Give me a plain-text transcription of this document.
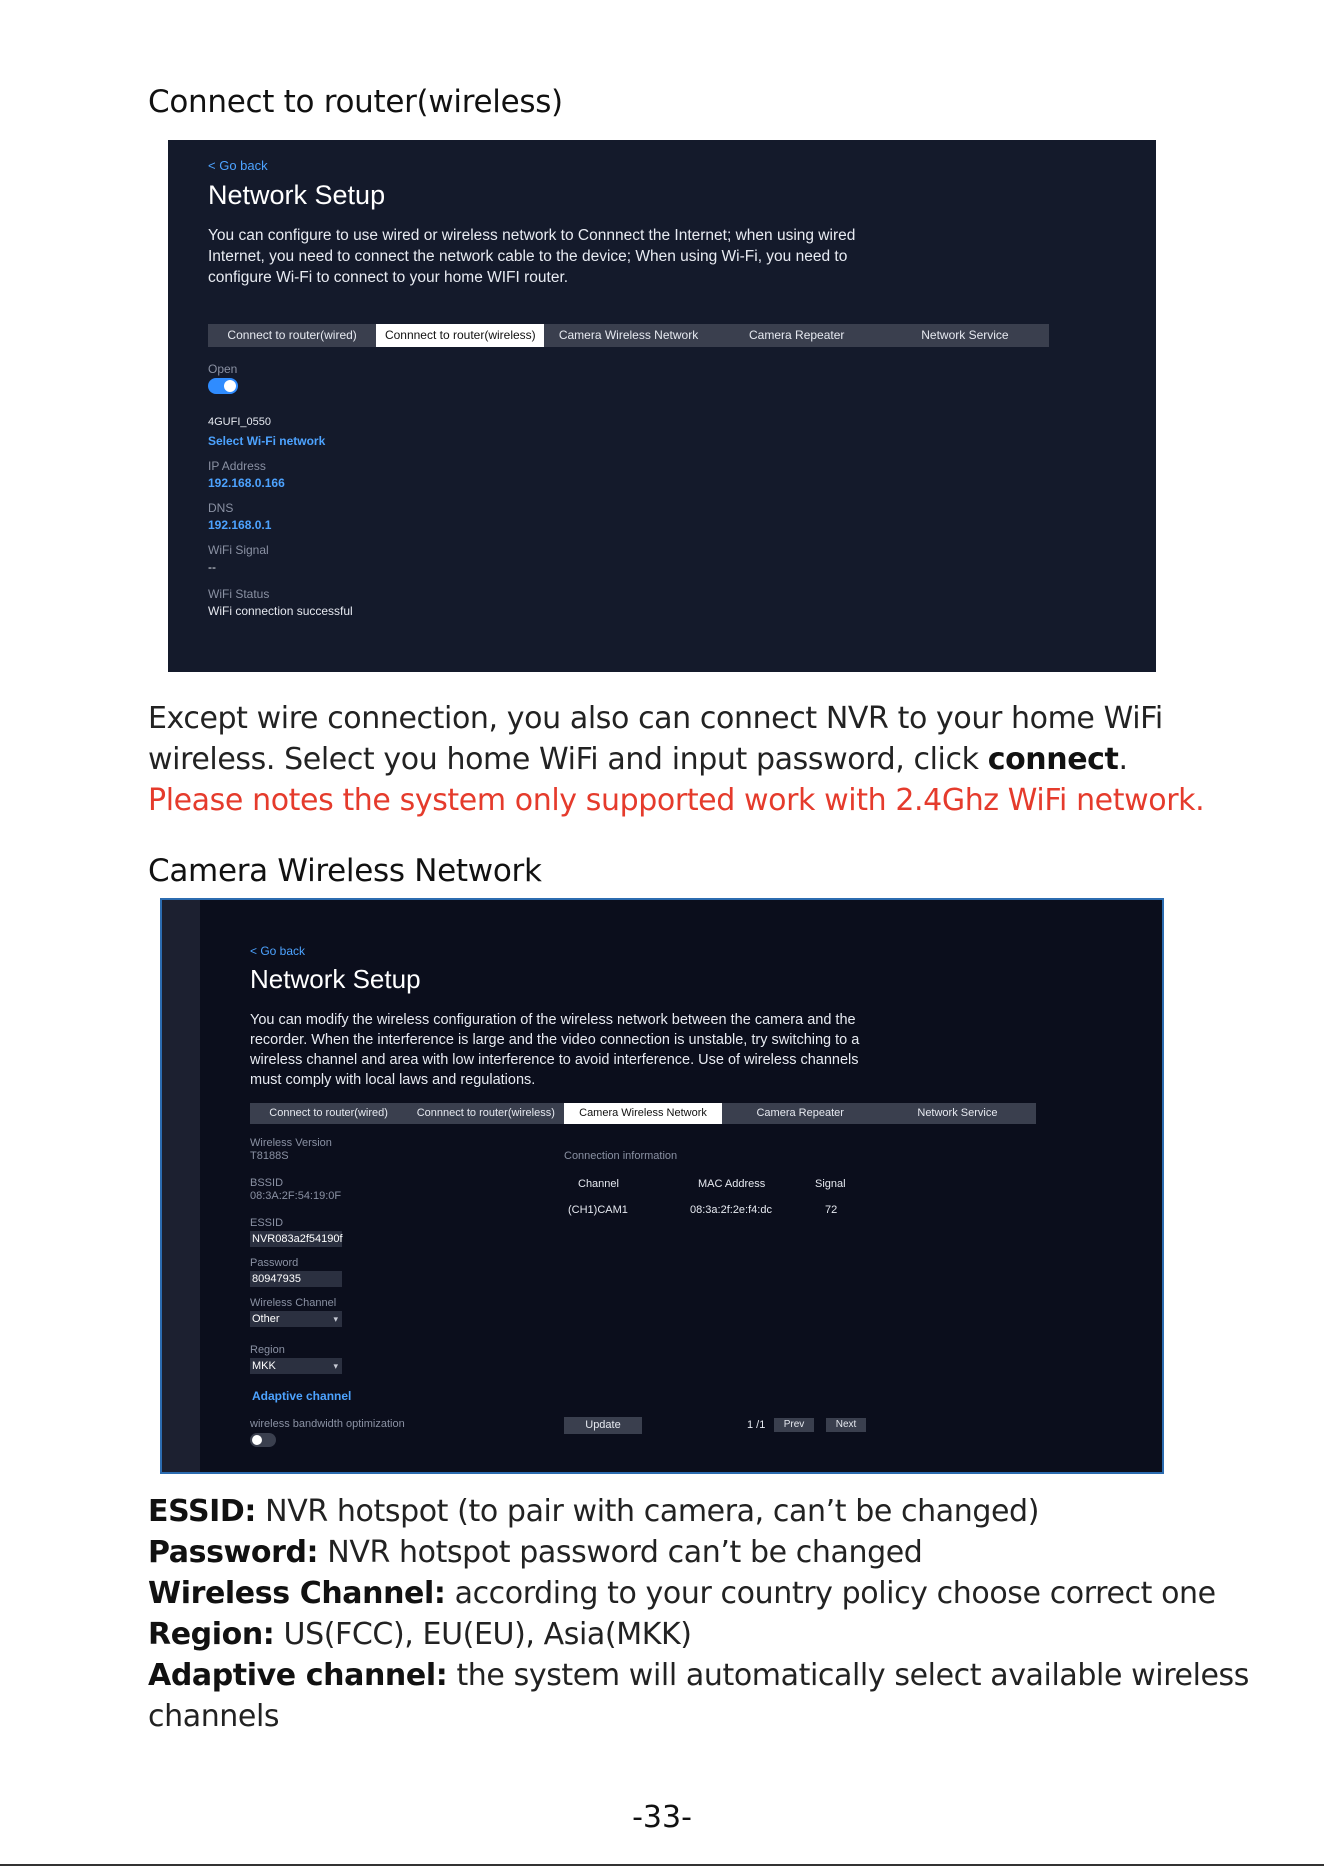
Connect to router(wireless)
< Go back
Network Setup
You can configure to use wired or wireless network to Connnect the Internet; when using wired Internet, you need to connect the network cable to the device; When using Wi-Fi, you need to configure Wi-Fi to connect to your home WIFI router.
Connect to router(wired)	Connnect to router(wireless)	Camera Wireless Network	Camera Repeater	Network Service
Open
4GUFI_0550
Select Wi-Fi network
IP Address
192.168.0.166
DNS
192.168.0.1
WiFi Signal
--
WiFi Status
WiFi connection successful
Except wire connection, you also can connect NVR to your home WiFi
wireless. Select you home WiFi and input password, click connect.
Please notes the system only supported work with 2.4Ghz WiFi network.
Camera Wireless Network
< Go back
Network Setup
You can modify the wireless configuration of the wireless network between the camera and the recorder. When the interference is large and the video connection is unstable, try switching to a wireless channel and area with low interference to avoid interference. Use of wireless channels must comply with local laws and regulations.
Connect to router(wired)	Connnect to router(wireless)	Camera Wireless Network	Camera Repeater	Network Service
Wireless Version
T8188S
BSSID
08:3A:2F:54:19:0F
ESSID
NVR083a2f54190f
Password
80947935
Wireless Channel
Other ▾
Region
MKK ▾
Adaptive channel
wireless bandwidth optimization
Connection information
Channel	MAC Address	Signal
(CH1)CAM1	08:3a:2f:2e:f4:dc	72
Update	1 /1	Prev	Next
ESSID: NVR hotspot (to pair with camera, can’t be changed)
Password: NVR hotspot password can’t be changed
Wireless Channel: according to your country policy choose correct one
Region: US(FCC), EU(EU), Asia(MKK)
Adaptive channel: the system will automatically select available wireless
channels
-33-
